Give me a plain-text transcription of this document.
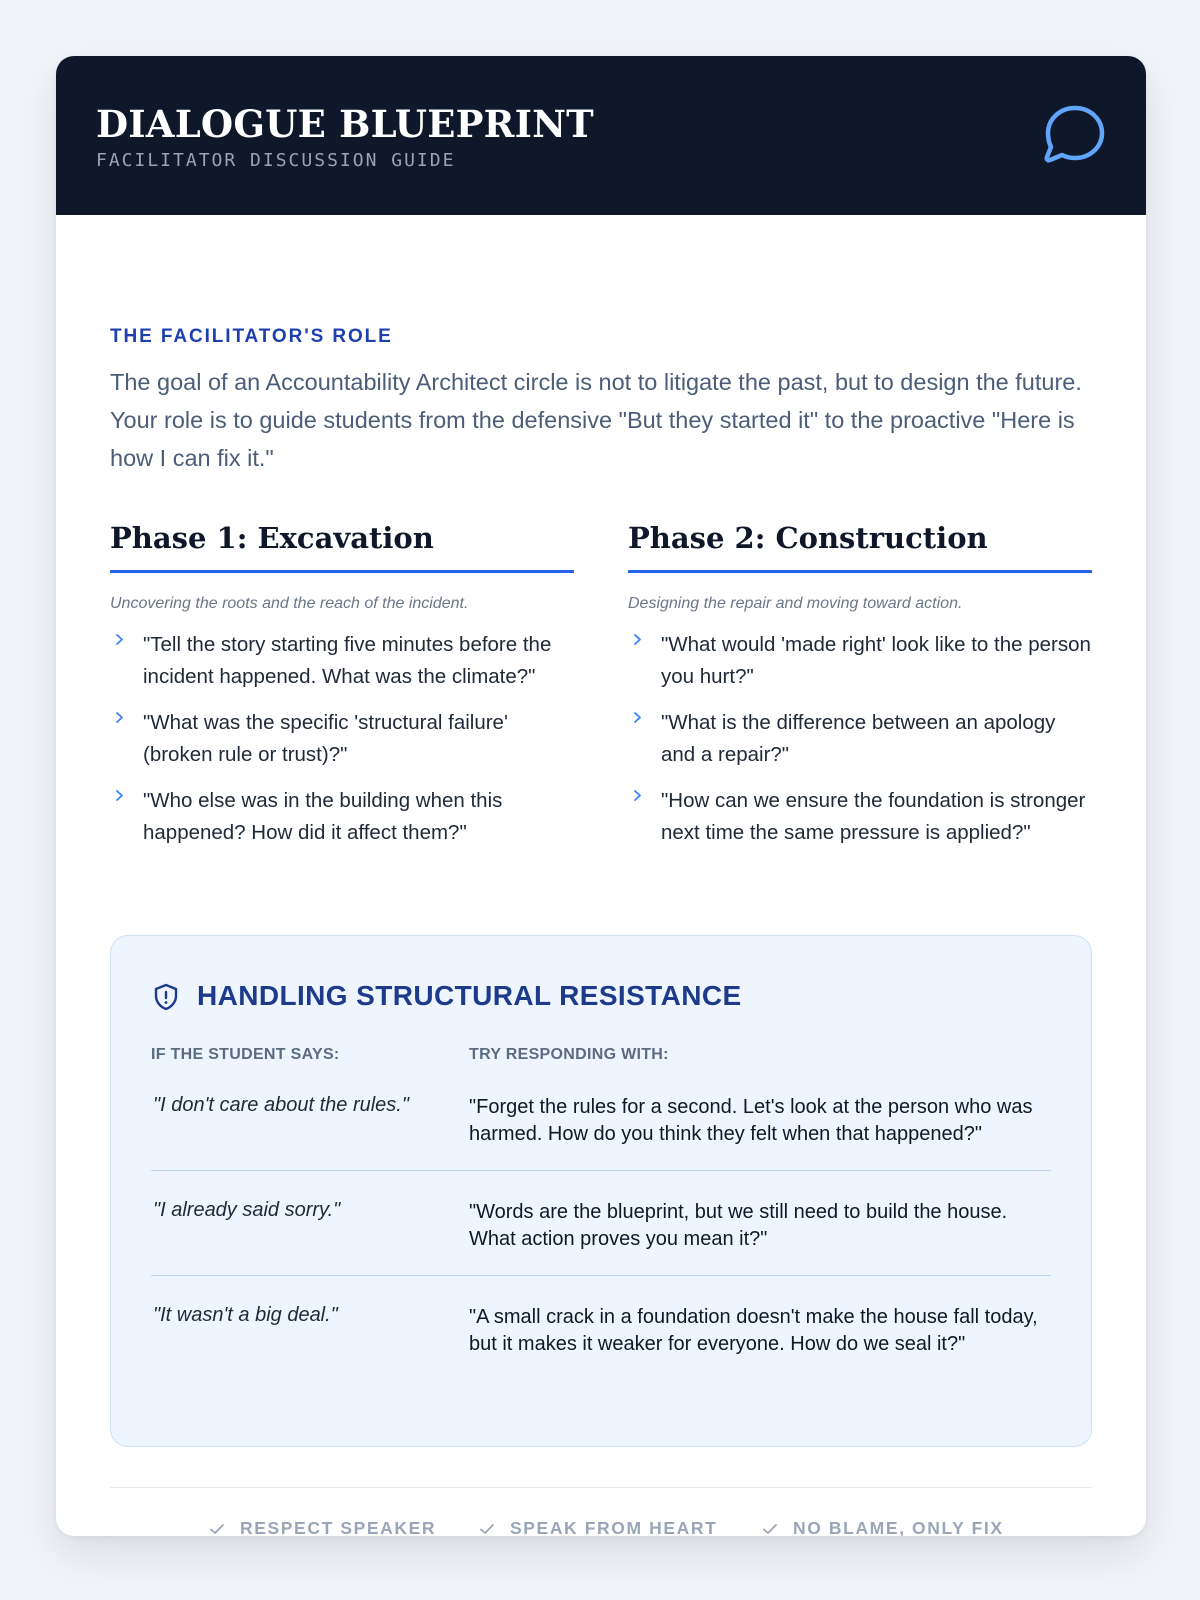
DIALOGUE BLUEPRINT
FACILITATOR DISCUSSION GUIDE
THE FACILITATOR'S ROLE

The goal of an Accountability Architect circle is not to litigate the past, but to design the future. Your role is to guide students from the defensive "But they started it" to the proactive "Here is how I can fix it."

Phase 1: Excavation
Uncovering the roots and the reach of the incident.
"Tell the story starting five minutes before the incident happened. What was the climate?"
"What was the specific 'structural failure' (broken rule or trust)?"
"Who else was in the building when this happened? How did it affect them?"
Phase 2: Construction
Designing the repair and moving toward action.
"What would 'made right' look like to the person you hurt?"
"What is the difference between an apology and a repair?"
"How can we ensure the foundation is stronger next time the same pressure is applied?"
HANDLING STRUCTURAL RESISTANCE
IF THE STUDENT SAYS:	TRY RESPONDING WITH:
"I don't care about the rules."	"Forget the rules for a second. Let's look at the person who was harmed. How do you think they felt when that happened?"
"I already said sorry."	"Words are the blueprint, but we still need to build the house. What action proves you mean it?"
"It wasn't a big deal."	"A small crack in a foundation doesn't make the house fall today, but it makes it weaker for everyone. How do we seal it?"
RESPECT SPEAKER	SPEAK FROM HEART	NO BLAME, ONLY FIX
